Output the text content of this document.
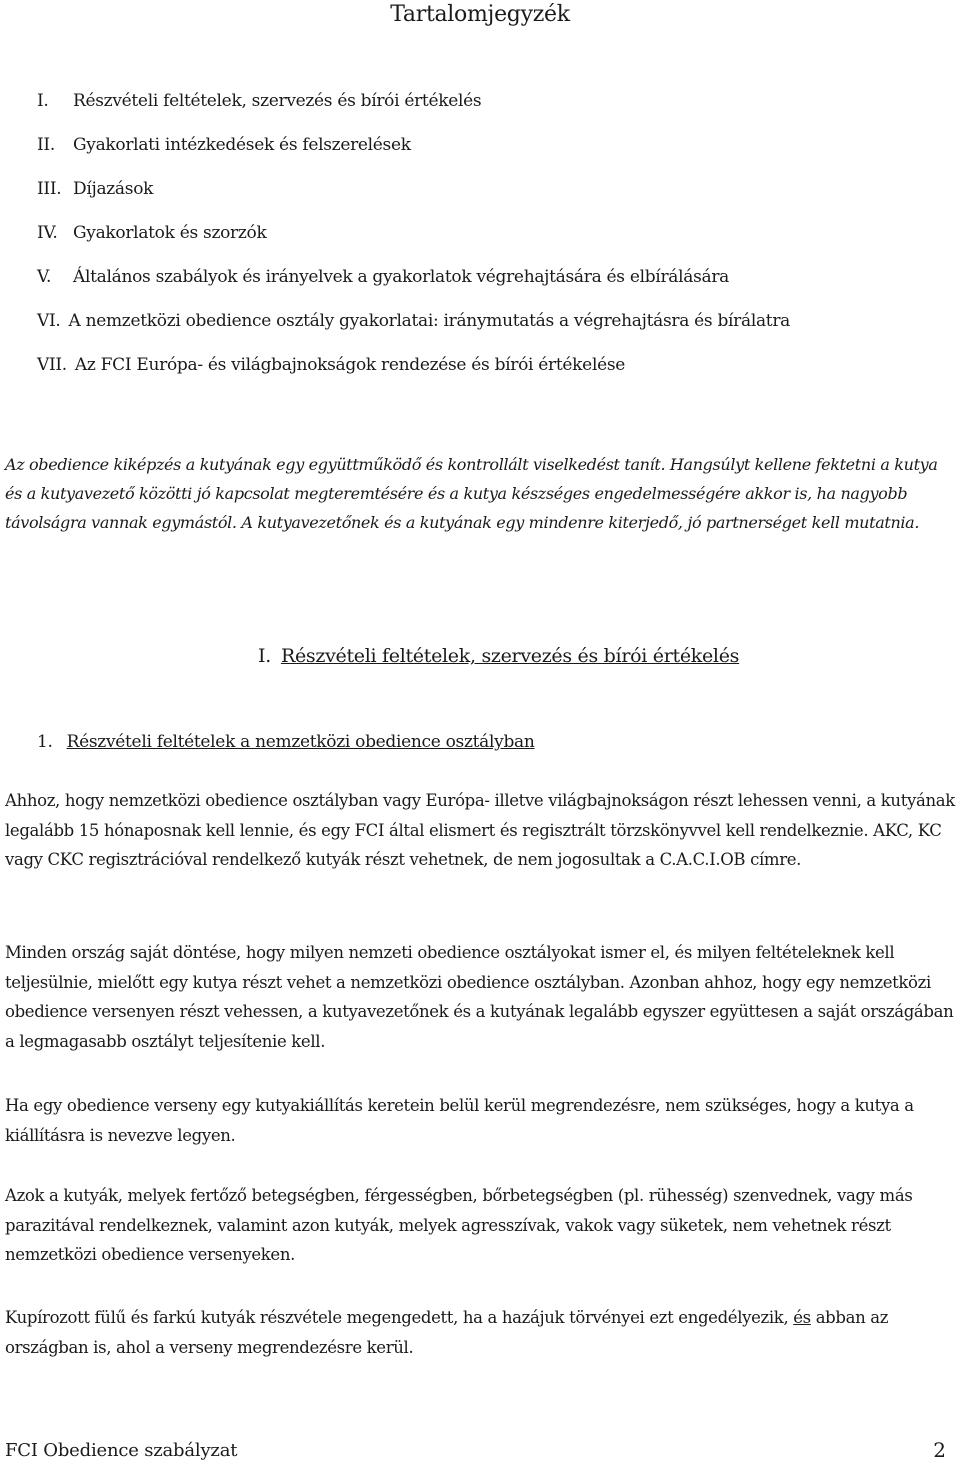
Tartalomjegyzék
I.	Részvételi feltételek, szervezés és bírói értékelés
II.	Gyakorlati intézkedések és felszerelések
III. Díjazások
IV. Gyakorlatok és szorzók
V.	Általános szabályok és irányelvek a gyakorlatok végrehajtására és elbírálására
VI. A nemzetközi obedience osztály gyakorlatai: iránymutatás a végrehajtásra és bírálatra
VII. Az FCI Európa- és világbajnokságok rendezése és bírói értékelése

Az obedience kiképzés a kutyának egy együttműködő és kontrollált viselkedést tanít. Hangsúlyt kellene fektetni a kutya és a kutyavezető közötti jó kapcsolat megteremtésére és a kutya készséges engedelmességére akkor is, ha nagyobb távolságra vannak egymástól. A kutyavezetőnek és a kutyának egy mindenre kiterjedő, jó partnerséget kell mutatnia.

I. Részvételi feltételek, szervezés és bírói értékelés
1. Részvételi feltételek a nemzetközi obedience osztályban

Ahhoz, hogy nemzetközi obedience osztályban vagy Európa- illetve világbajnokságon részt lehessen venni, a kutyának legalább 15 hónaposnak kell lennie, és egy FCI által elismert és regisztrált törzskönyvvel kell rendelkeznie. AKC, KC vagy CKC regisztrációval rendelkező kutyák részt vehetnek, de nem jogosultak a C.A.C.I.OB címre.

Minden ország saját döntése, hogy milyen nemzeti obedience osztályokat ismer el, és milyen feltételeknek kell teljesülnie, mielőtt egy kutya részt vehet a nemzetközi obedience osztályban. Azonban ahhoz, hogy egy nemzetközi obedience versenyen részt vehessen, a kutyavezetőnek és a kutyának legalább egyszer együttesen a saját országában a legmagasabb osztályt teljesítenie kell.

Ha egy obedience verseny egy kutyakiállítás keretein belül kerül megrendezésre, nem szükséges, hogy a kutya a kiállításra is nevezve legyen.

Azok a kutyák, melyek fertőző betegségben, férgességben, bőrbetegségben (pl. rühesség) szenvednek, vagy más parazitával rendelkeznek, valamint azon kutyák, melyek agresszívak, vakok vagy süketek, nem vehetnek részt nemzetközi obedience versenyeken.

Kupírozott fülű és farkú kutyák részvétele megengedett, ha a hazájuk törvényei ezt engedélyezik, és abban az országban is, ahol a verseny megrendezésre kerül.

FCI Obedience szabályzat	2
